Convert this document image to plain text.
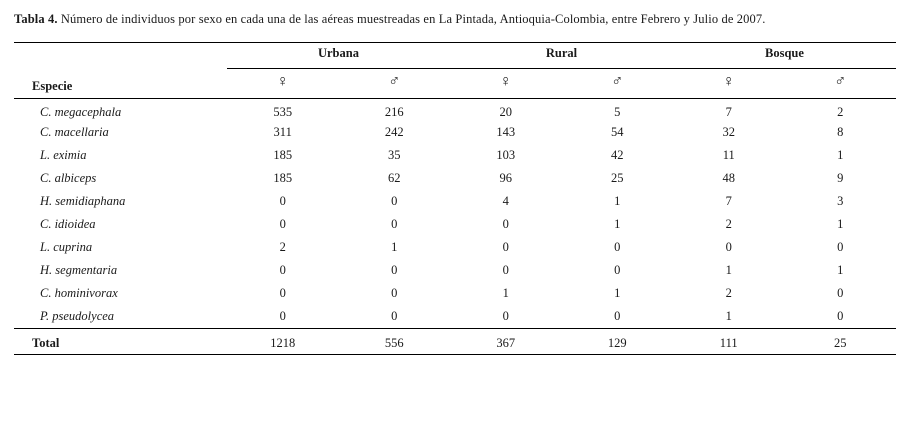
Tabla 4. Número de individuos por sexo en cada una de las aéreas muestreadas en La Pintada, Antioquia-Colombia, entre Febrero y Julio de 2007.

	Urbana		Rural		Bosque	
Especie	♀	♂	♀	♂	♀	♂
C. megacephala	535	216	20	5	7	2
C. macellaria	311	242	143	54	32	8
L. eximia	185	35	103	42	11	1
C. albiceps	185	62	96	25	48	9
H. semidiaphana	0	0	4	1	7	3
C. idioidea	0	0	0	1	2	1
L. cuprina	2	1	0	0	0	0
H. segmentaria	0	0	0	0	1	1
C. hominivorax	0	0	1	1	2	0
P. pseudolycea	0	0	0	0	1	0
Total	1218	556	367	129	111	25
